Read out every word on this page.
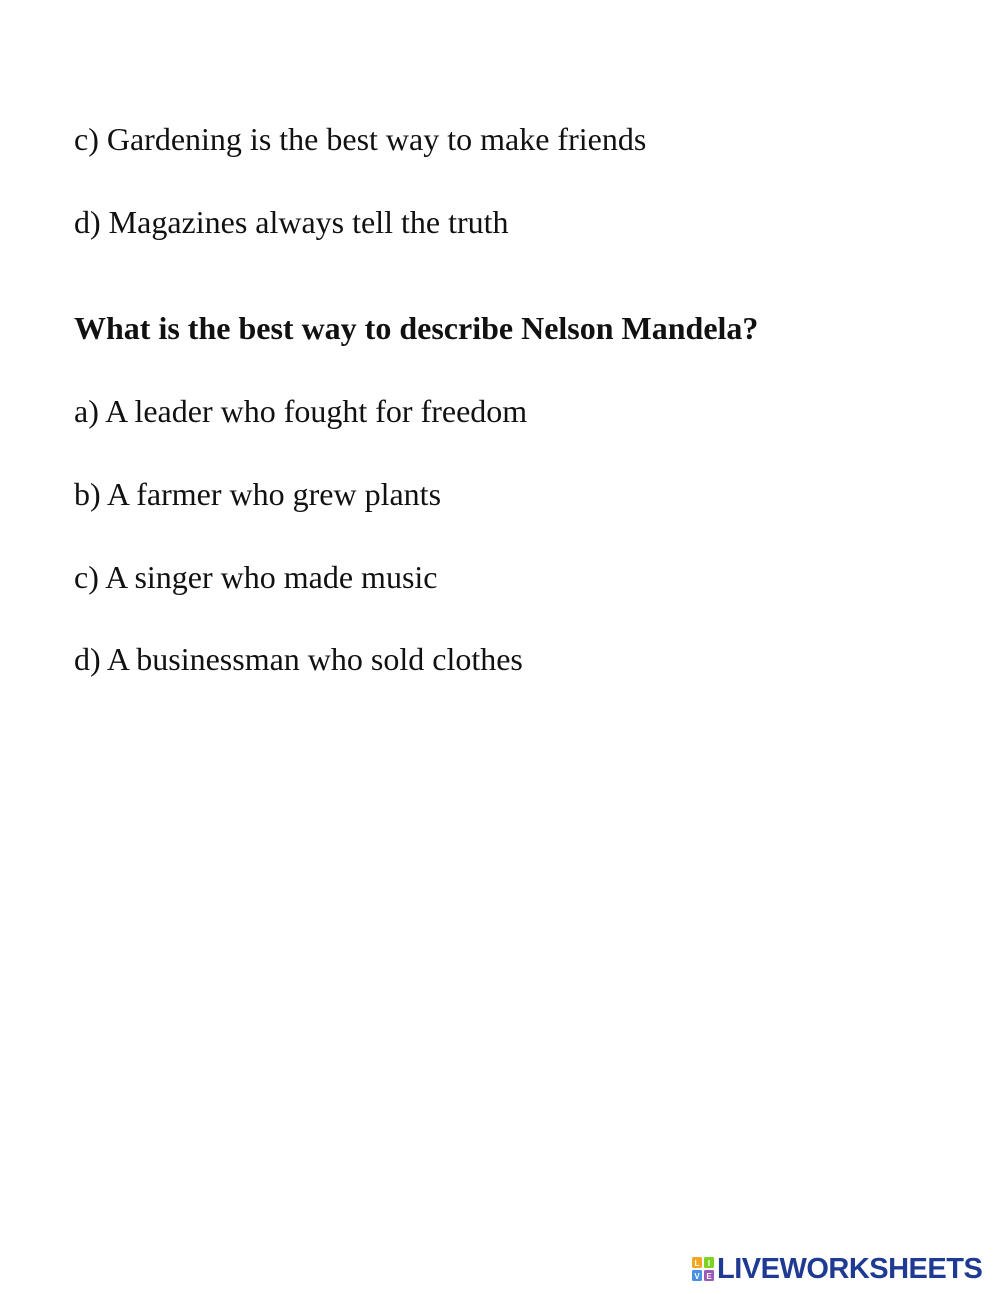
c) Gardening is the best way to make friends
d) Magazines always tell the truth
What is the best way to describe Nelson Mandela?
a) A leader who fought for freedom
b) A farmer who grew plants
c) A singer who made music
d) A businessman who sold clothes
L I
V E LIVEWORKSHEETS
